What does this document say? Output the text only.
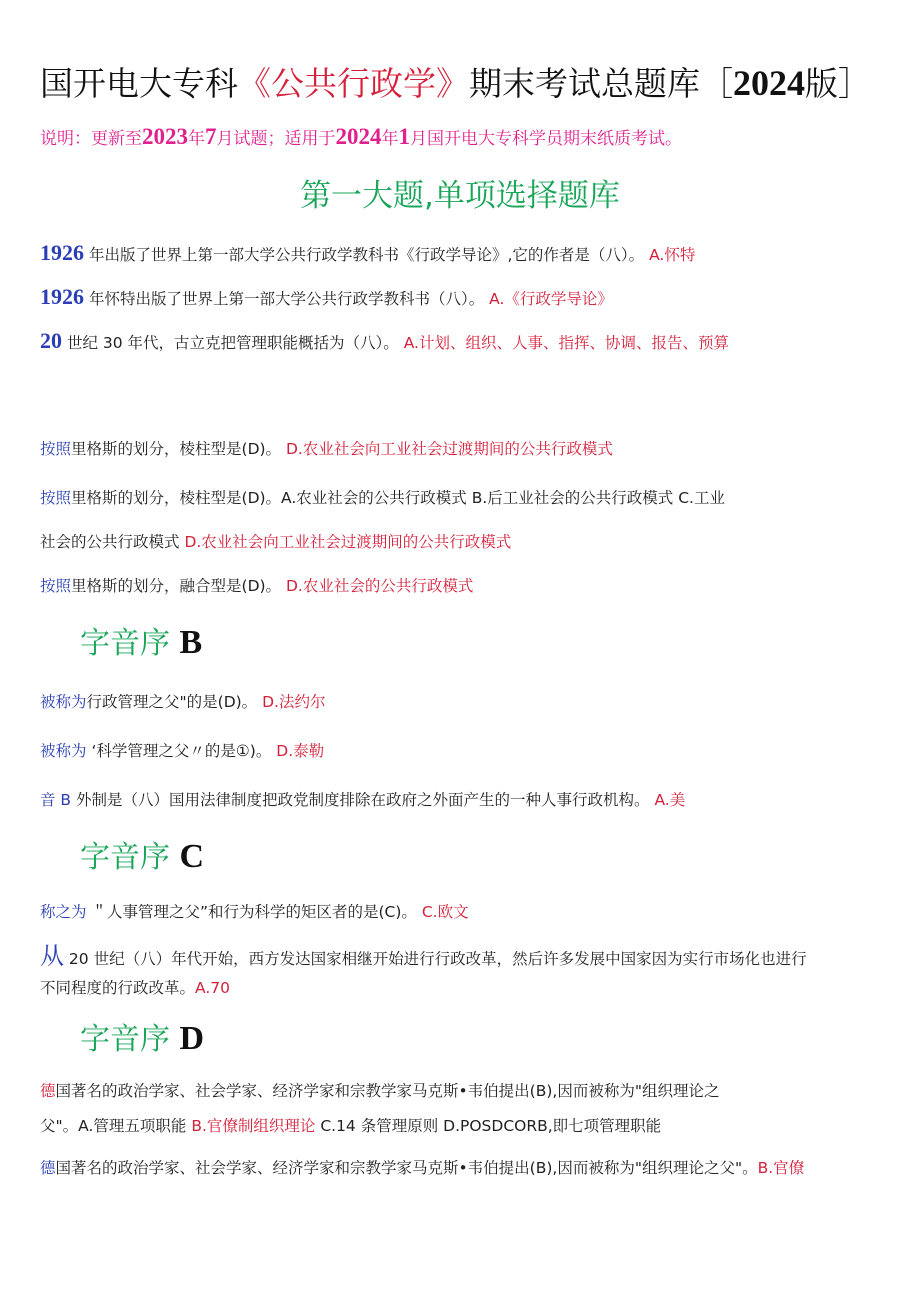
国开电大专科《公共行政学》期末考试总题库［2024版］
说明：更新至2023年7月试题；适用于2024年1月国开电大专科学员期末纸质考试。
第一大题,单项选择题库
1926 年出版了世界上第一部大学公共行政学教科书《行政学导论》,它的作者是（八）。 A.怀特
1926 年怀特出版了世界上第一部大学公共行政学教科书（八）。 A.《行政学导论》
20 世纪 30 年代，古立克把管理职能概括为（八）。 A.计划、组织、人事、指挥、协调、报告、预算
按照里格斯的划分，棱柱型是(D)。 D.农业社会向工业社会过渡期间的公共行政模式
按照里格斯的划分，棱柱型是(D)。A.农业社会的公共行政模式 B.后工业社会的公共行政模式 C.工业
社会的公共行政模式 D.农业社会向工业社会过渡期间的公共行政模式
按照里格斯的划分，融合型是(D)。 D.农业社会的公共行政模式
字音序 B
被称为行政管理之父"的是(D)。 D.法约尔
被称为 ‘科学管理之父〃的是①)。 D.泰勒
音 B 外制是（八）国用法律制度把政党制度排除在政府之外面产生的一种人事行政机构。 A.美
字音序 C
称之为 ＂人事管理之父”和行为科学的矩区者的是(C)。 C.欧文
从 20 世纪（八）年代开始，西方发达国家相继开始进行行政改革，然后许多发展中国家因为实行市场化也进行
不同程度的行政改革。A.70
字音序 D
德国著名的政治学家、社会学家、经济学家和宗教学家马克斯•韦伯提出(B),因而被称为"组织理论之
父"。A.管理五项职能 B.官僚制组织理论 C.14 条管理原则 D.POSDCORB,即七项管理职能
德国著名的政治学家、社会学家、经济学家和宗教学家马克斯•韦伯提出(B),因而被称为"组织理论之父"。B.官僚
